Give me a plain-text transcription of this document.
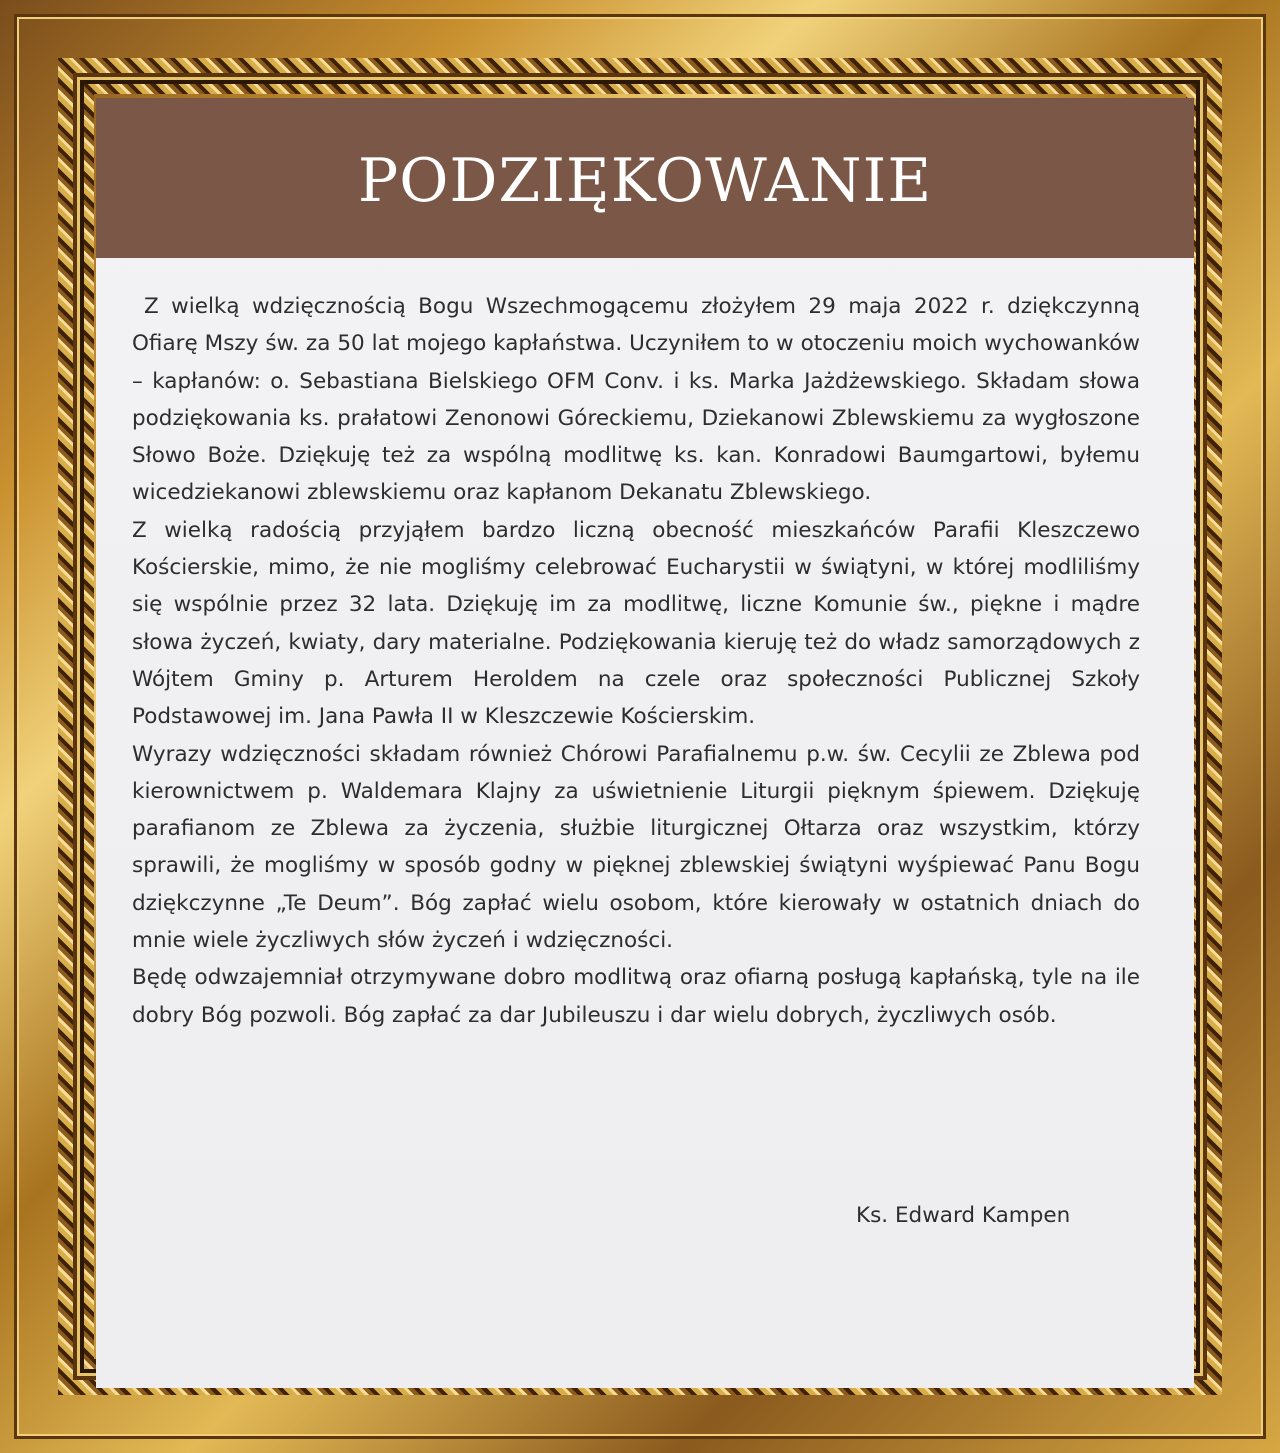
PODZIĘKOWANIE

Z wielką wdzięcznością Bogu Wszechmogącemu złożyłem 29 maja 2022 r. dziękczynną Ofiarę Mszy św. za 50 lat mojego kapłaństwa. Uczyniłem to w otoczeniu moich wychowanków – kapłanów: o. Sebastiana Bielskiego OFM Conv. i ks. Marka Jażdżewskiego. Składam słowa podziękowania ks. prałatowi Zenonowi Góreckiemu, Dziekanowi Zblewskiemu za wygłoszone Słowo Boże. Dziękuję też za wspólną modlitwę ks. kan. Konradowi Baumgartowi, byłemu wicedziekanowi zblewskiemu oraz kapłanom Dekanatu Zblewskiego.

Z wielką radością przyjąłem bardzo liczną obecność mieszkańców Parafii Kleszczewo Kościerskie, mimo, że nie mogliśmy celebrować Eucharystii w świątyni, w której modliliśmy się wspólnie przez 32 lata. Dziękuję im za modlitwę, liczne Komunie św., piękne i mądre słowa życzeń, kwiaty, dary materialne. Podziękowania kieruję też do władz samorządowych z Wójtem Gminy p. Arturem Heroldem na czele oraz społeczności Publicznej Szkoły Podstawowej im. Jana Pawła II w Kleszczewie Kościerskim.

Wyrazy wdzięczności składam również Chórowi Parafialnemu p.w. św. Cecylii ze Zblewa pod kierownictwem p. Waldemara Klajny za uświetnienie Liturgii pięknym śpiewem. Dziękuję parafianom ze Zblewa za życzenia, służbie liturgicznej Ołtarza oraz wszystkim, którzy sprawili, że mogliśmy w sposób godny w pięknej zblewskiej świątyni wyśpiewać Panu Bogu dziękczynne „Te Deum”. Bóg zapłać wielu osobom, które kierowały w ostatnich dniach do mnie wiele życzliwych słów życzeń i wdzięczności.

Będę odwzajemniał otrzymywane dobro modlitwą oraz ofiarną posługą kapłańską, tyle na ile dobry Bóg pozwoli. Bóg zapłać za dar Jubileuszu i dar wielu dobrych, życzliwych osób.

Ks. Edward Kampen
